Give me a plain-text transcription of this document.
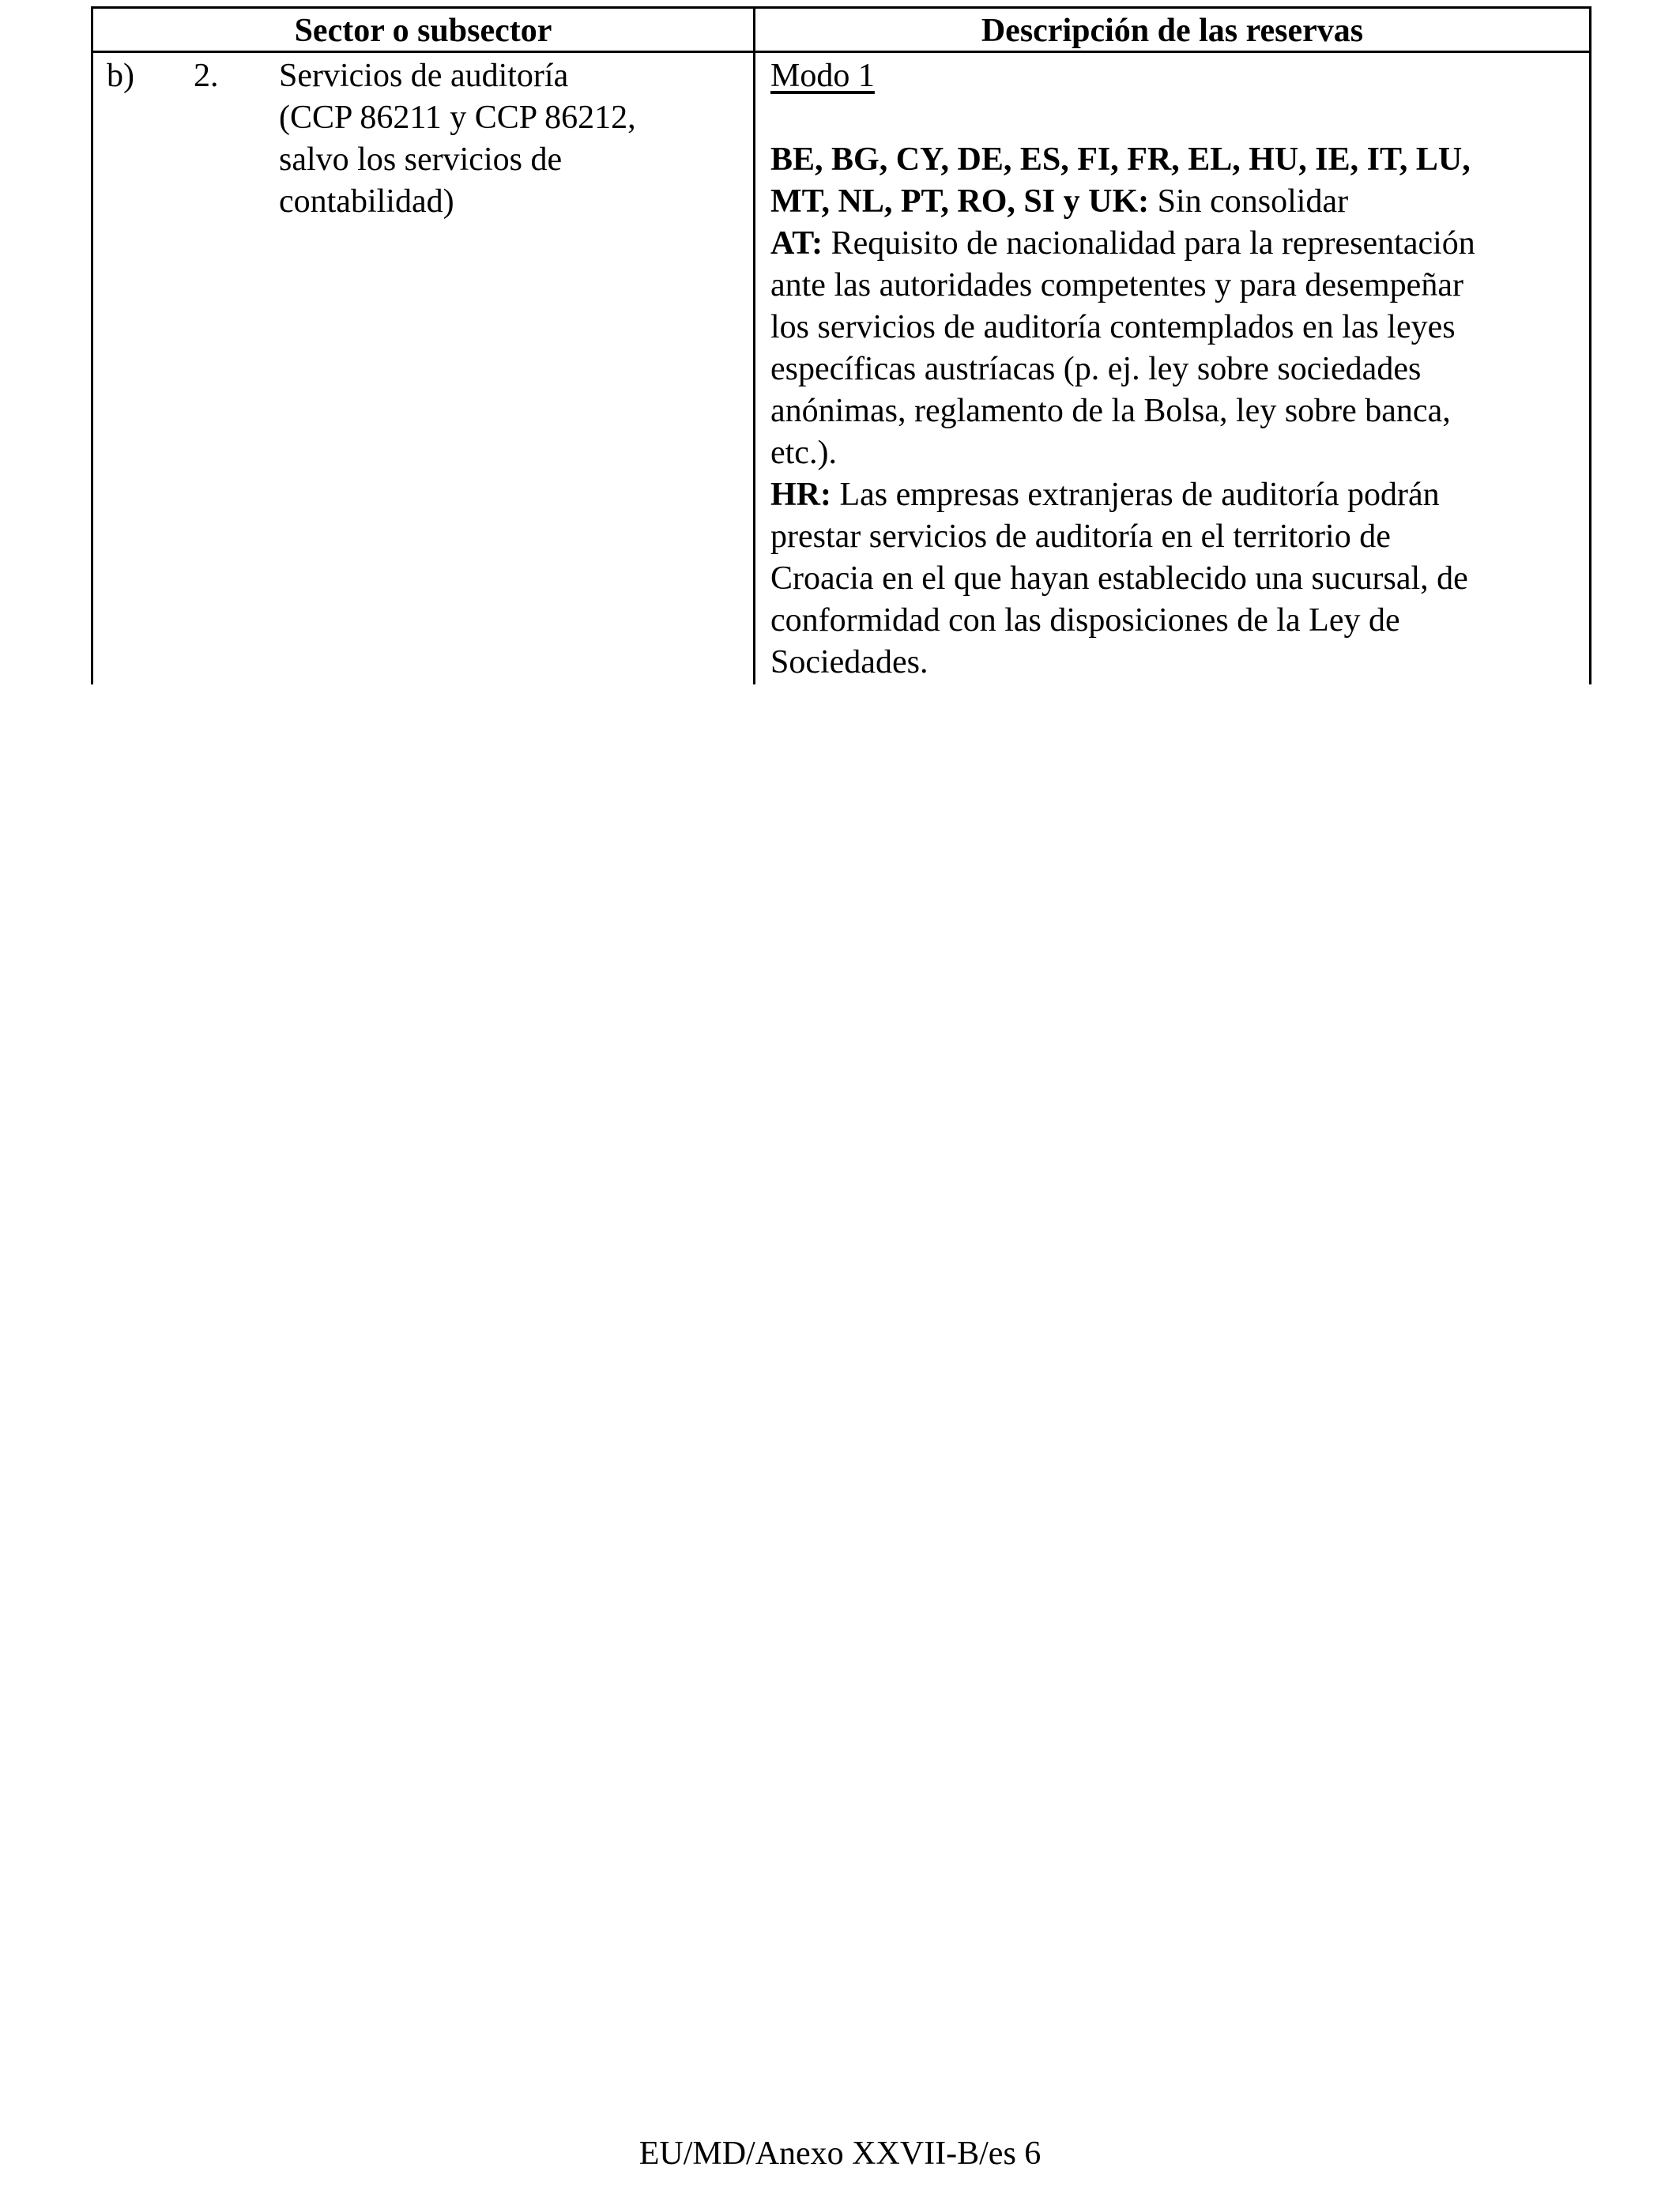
Sector o subsector	Descripción de las reservas
b) 2. Servicios de auditoría
(CCP 86211 y CCP 86212,
salvo los servicios de
contabilidad)
Modo 1
BE, BG, CY, DE, ES, FI, FR, EL, HU, IE, IT, LU,
MT, NL, PT, RO, SI y UK: Sin consolidar
AT: Requisito de nacionalidad para la representación
ante las autoridades competentes y para desempeñar
los servicios de auditoría contemplados en las leyes
específicas austríacas (p. ej. ley sobre sociedades
anónimas, reglamento de la Bolsa, ley sobre banca,
etc.).
HR: Las empresas extranjeras de auditoría podrán
prestar servicios de auditoría en el territorio de
Croacia en el que hayan establecido una sucursal, de
conformidad con las disposiciones de la Ley de
Sociedades.
EU/MD/Anexo XXVII-B/es 6
